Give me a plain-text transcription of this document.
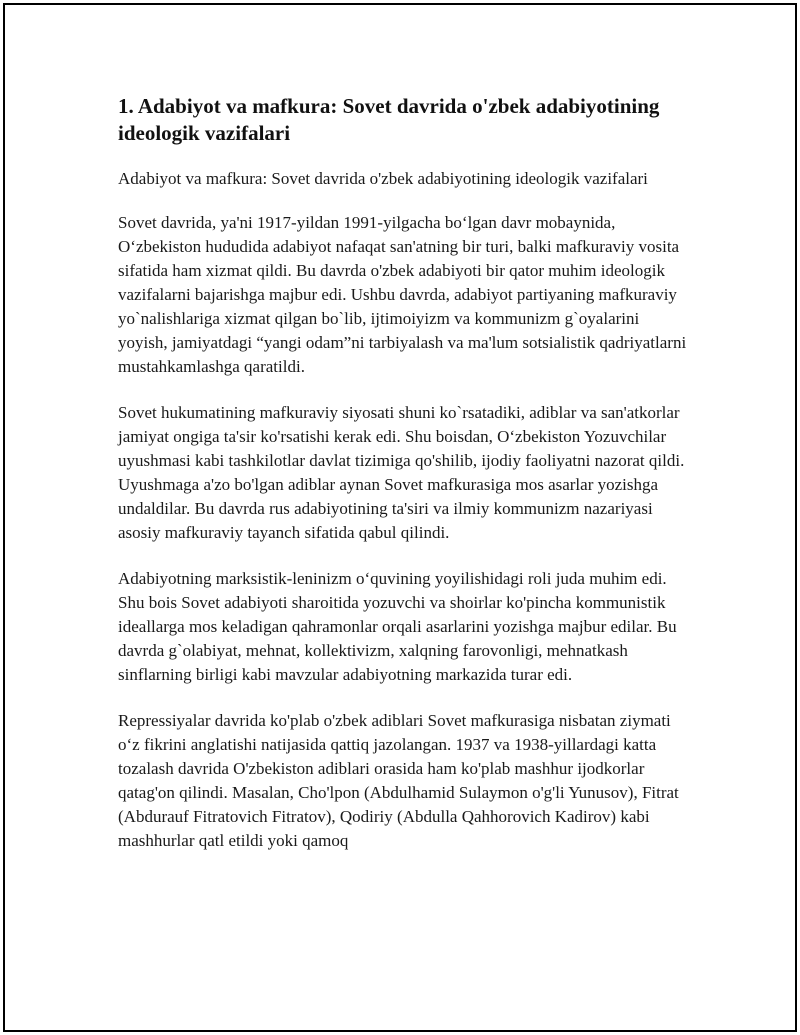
1. Adabiyot va mafkura: Sovet davrida o'zbek adabiyotining ideologik vazifalari

Adabiyot va mafkura: Sovet davrida o'zbek adabiyotining ideologik vazifalari

Sovet davrida, ya'ni 1917-yildan 1991-yilgacha bo‘lgan davr mobaynida, O‘zbekiston hududida adabiyot nafaqat san'atning bir turi, balki mafkuraviy vosita sifatida ham xizmat qildi. Bu davrda o'zbek adabiyoti bir qator muhim ideologik vazifalarni bajarishga majbur edi. Ushbu davrda, adabiyot partiyaning mafkuraviy yo`nalishlariga xizmat qilgan bo`lib, ijtimoiyizm va kommunizm g`oyalarini yoyish, jamiyatdagi “yangi odam”ni tarbiyalash va ma'lum sotsialistik qadriyatlarni mustahkamlashga qaratildi.

Sovet hukumatining mafkuraviy siyosati shuni ko`rsatadiki, adiblar va san'atkorlar jamiyat ongiga ta'sir ko'rsatishi kerak edi. Shu boisdan, O‘zbekiston Yozuvchilar uyushmasi kabi tashkilotlar davlat tizimiga qo'shilib, ijodiy faoliyatni nazorat qildi. Uyushmaga a'zo bo'lgan adiblar aynan Sovet mafkurasiga mos asarlar yozishga undaldilar. Bu davrda rus adabiyotining ta'siri va ilmiy kommunizm nazariyasi asosiy mafkuraviy tayanch sifatida qabul qilindi.

Adabiyotning marksistik-leninizm o‘quvining yoyilishidagi roli juda muhim edi. Shu bois Sovet adabiyoti sharoitida yozuvchi va shoirlar ko'pincha kommunistik ideallarga mos keladigan qahramonlar orqali asarlarini yozishga majbur edilar. Bu davrda g`olabiyat, mehnat, kollektivizm, xalqning farovonligi, mehnatkash sinflarning birligi kabi mavzular adabiyotning markazida turar edi.

Repressiyalar davrida ko'plab o'zbek adiblari Sovet mafkurasiga nisbatan ziymati o‘z fikrini anglatishi natijasida qattiq jazolangan. 1937 va 1938-yillardagi katta tozalash davrida O'zbekiston adiblari orasida ham ko'plab mashhur ijodkorlar qatag'on qilindi. Masalan, Cho'lpon (Abdulhamid Sulaymon o'g'li Yunusov), Fitrat (Abdurauf Fitratovich Fitratov), Qodiriy (Abdulla Qahhorovich Kadirov) kabi mashhurlar qatl etildi yoki qamoq
